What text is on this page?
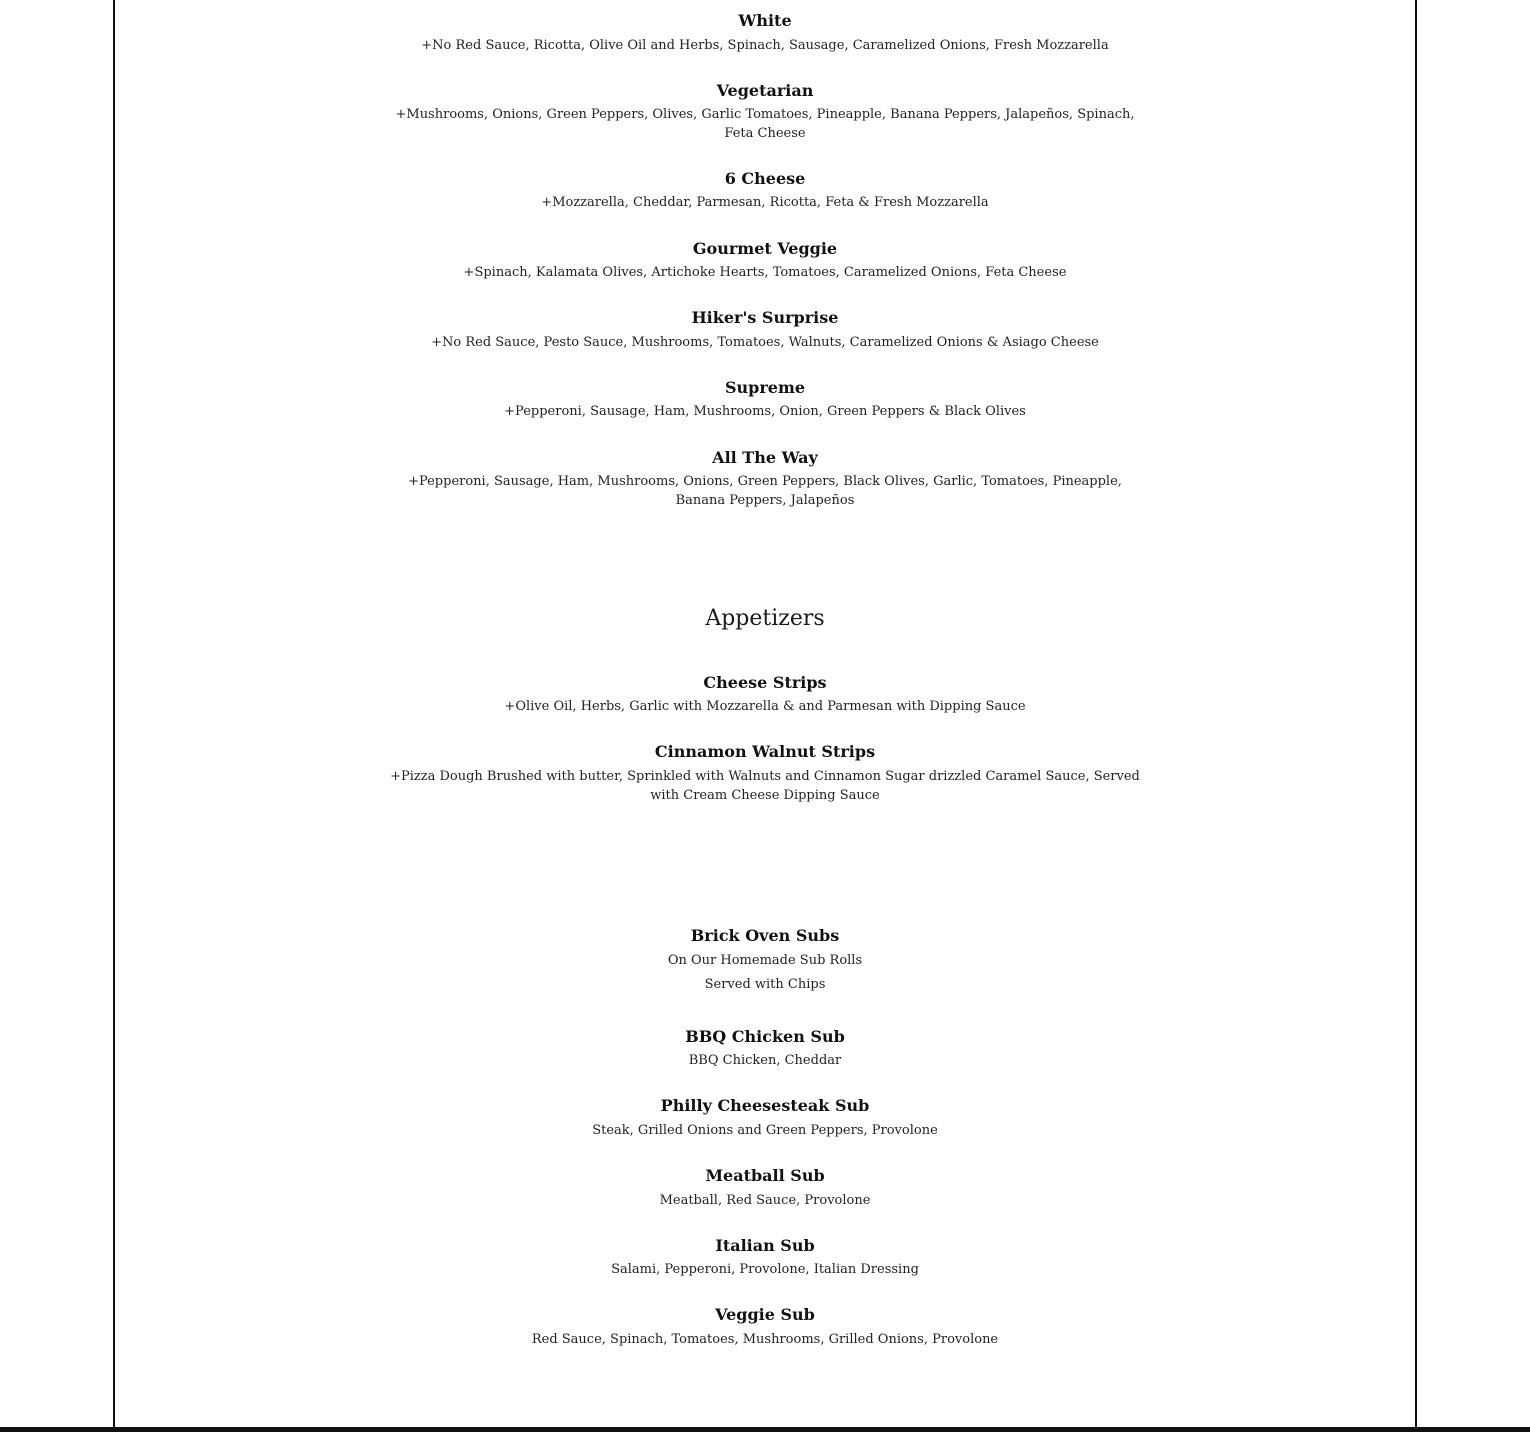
White
+No Red Sauce, Ricotta, Olive Oil and Herbs, Spinach, Sausage, Caramelized Onions, Fresh Mozzarella
Vegetarian
+Mushrooms, Onions, Green Peppers, Olives, Garlic Tomatoes, Pineapple, Banana Peppers, Jalapeños, Spinach, Feta Cheese
6 Cheese
+Mozzarella, Cheddar, Parmesan, Ricotta, Feta & Fresh Mozzarella
Gourmet Veggie
+Spinach, Kalamata Olives, Artichoke Hearts, Tomatoes, Caramelized Onions, Feta Cheese
Hiker's Surprise
+No Red Sauce, Pesto Sauce, Mushrooms, Tomatoes, Walnuts, Caramelized Onions & Asiago Cheese
Supreme
+Pepperoni, Sausage, Ham, Mushrooms, Onion, Green Peppers & Black Olives
All The Way
+Pepperoni, Sausage, Ham, Mushrooms, Onions, Green Peppers, Black Olives, Garlic, Tomatoes, Pineapple, Banana Peppers, Jalapeños
Appetizers
Cheese Strips
+Olive Oil, Herbs, Garlic with Mozzarella & and Parmesan with Dipping Sauce
Cinnamon Walnut Strips
+Pizza Dough Brushed with butter, Sprinkled with Walnuts and Cinnamon Sugar drizzled Caramel Sauce, Served with Cream Cheese Dipping Sauce
Brick Oven Subs
On Our Homemade Sub Rolls
Served with Chips
BBQ Chicken Sub
BBQ Chicken, Cheddar
Philly Cheesesteak Sub
Steak, Grilled Onions and Green Peppers, Provolone
Meatball Sub
Meatball, Red Sauce, Provolone
Italian Sub
Salami, Pepperoni, Provolone, Italian Dressing
Veggie Sub
Red Sauce, Spinach, Tomatoes, Mushrooms, Grilled Onions, Provolone
